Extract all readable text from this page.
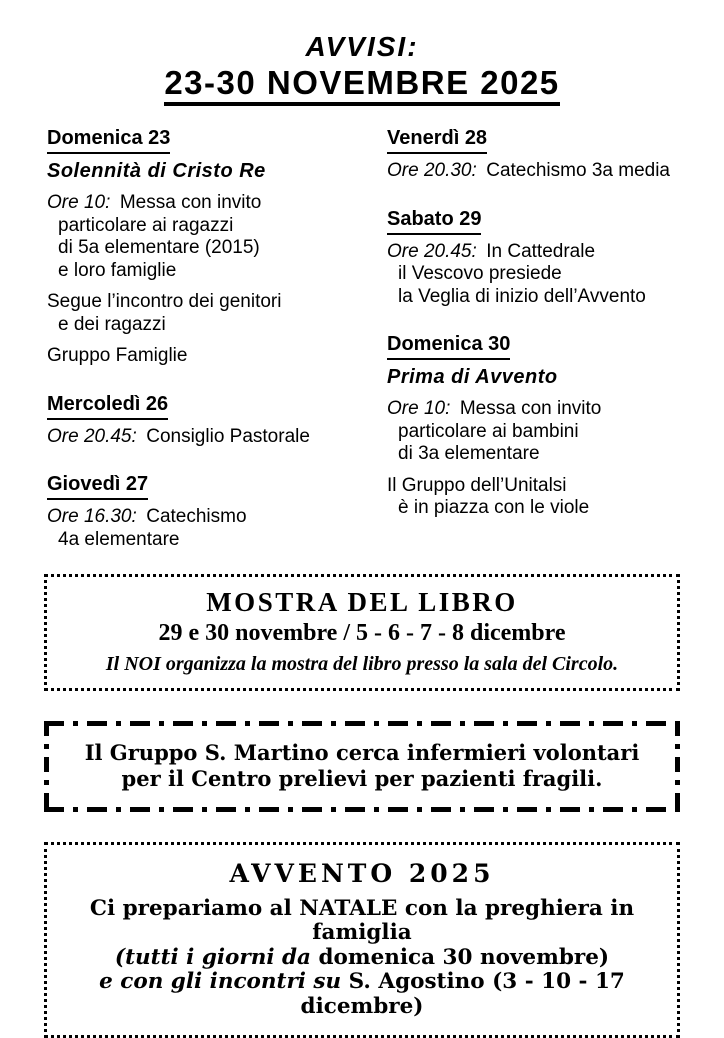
AVVISI:
23-30 NOVEMBRE 2025
Domenica 23
Solennità di Cristo Re
Ore 10: Messa con invito
particolare ai ragazzi
di 5a elementare (2015)
e loro famiglie
Segue l’incontro dei genitori
e dei ragazzi
Gruppo Famiglie
Mercoledì 26
Ore 20.45: Consiglio Pastorale
Giovedì 27
Ore 16.30: Catechismo
4a elementare
Venerdì 28
Ore 20.30: Catechismo 3a media
Sabato 29
Ore 20.45: In Cattedrale
il Vescovo presiede
la Veglia di inizio dell’Avvento
Domenica 30
Prima di Avvento
Ore 10: Messa con invito
particolare ai bambini
di 3a elementare
Il Gruppo dell’Unitalsi
è in piazza con le viole
MOSTRA DEL LIBRO
29 e 30 novembre / 5 - 6 - 7 - 8 dicembre
Il NOI organizza la mostra del libro presso la sala del Circolo.
Il Gruppo S. Martino cerca infermieri volontari
per il Centro prelievi per pazienti fragili.
AVVENTO 2025
Ci prepariamo al NATALE con la preghiera in famiglia
(tutti i giorni da domenica 30 novembre)
e con gli incontri su S. Agostino (3 - 10 - 17 dicembre)
